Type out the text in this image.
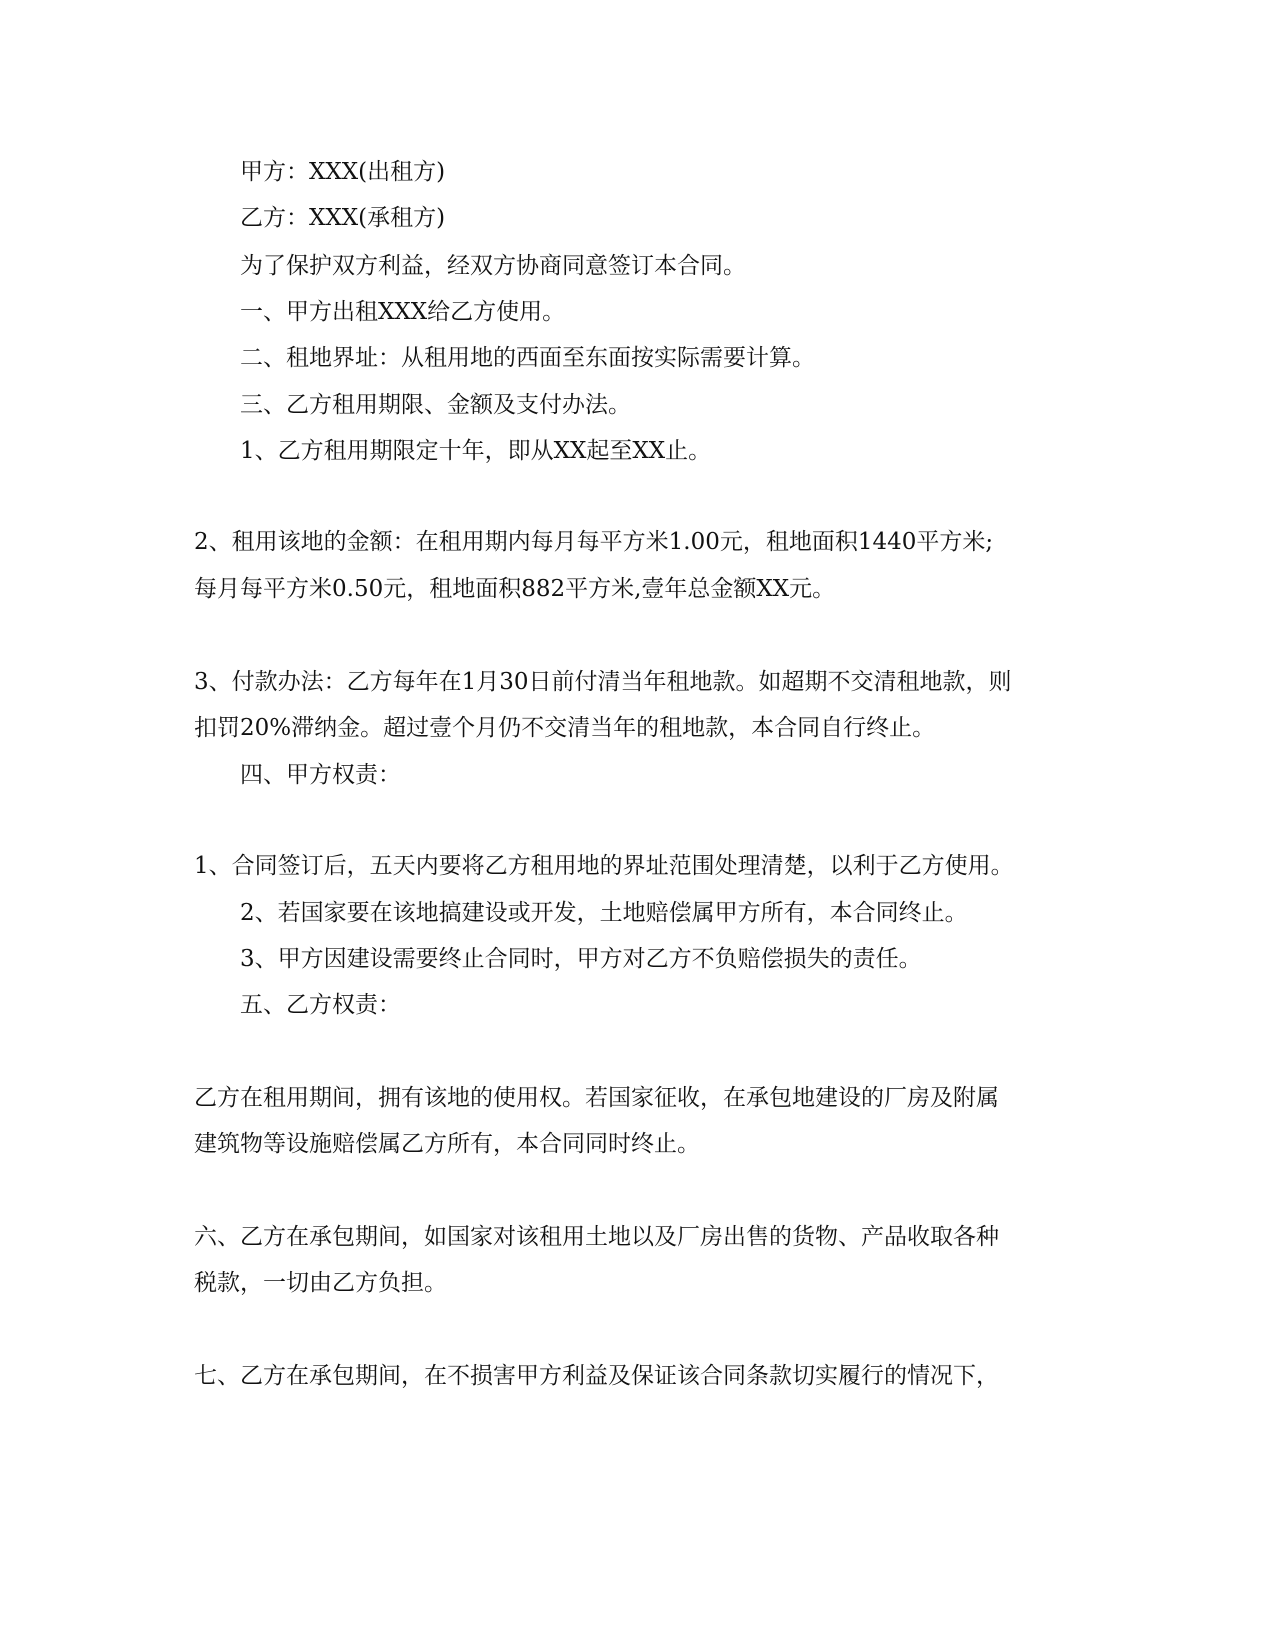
甲方：XXX(出租方)

乙方：XXX(承租方)

为了保护双方利益，经双方协商同意签订本合同。

一、甲方出租XXX给乙方使用。

二、租地界址：从租用地的西面至东面按实际需要计算。

三、乙方租用期限、金额及支付办法。

1、乙方租用期限定十年，即从XX起至XX止。

2、租用该地的金额：在租用期内每月每平方米1.00元，租地面积1440平方米;

每月每平方米0.50元，租地面积882平方米,壹年总金额XX元。

3、付款办法：乙方每年在1月30日前付清当年租地款。如超期不交清租地款，则

扣罚20%滞纳金。超过壹个月仍不交清当年的租地款，本合同自行终止。

四、甲方权责：

1、合同签订后，五天内要将乙方租用地的界址范围处理清楚，以利于乙方使用。

2、若国家要在该地搞建设或开发，土地赔偿属甲方所有，本合同终止。

3、甲方因建设需要终止合同时，甲方对乙方不负赔偿损失的责任。

五、乙方权责：

乙方在租用期间，拥有该地的使用权。若国家征收，在承包地建设的厂房及附属

建筑物等设施赔偿属乙方所有，本合同同时终止。

六、乙方在承包期间，如国家对该租用土地以及厂房出售的货物、产品收取各种

税款，一切由乙方负担。

七、乙方在承包期间，在不损害甲方利益及保证该合同条款切实履行的情况下，
